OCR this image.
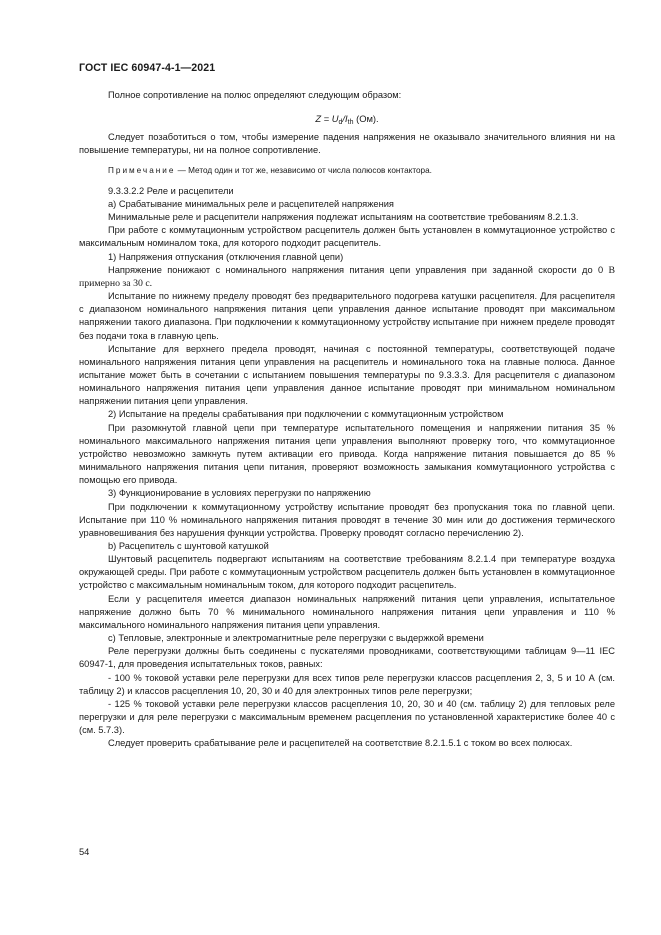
ГОСТ IEC 60947-4-1—2021

Полное сопротивление на полюс определяют следующим образом:

$Z = U_d/I_{th}$ (Ом).

Следует позаботиться о том, чтобы измерение падения напряжения не оказывало значительного влияния ни на повышение температуры, ни на полное сопротивление.

Примечание — Метод один и тот же, независимо от числа полюсов контактора.

9.3.3.2.2 Реле и расцепители

а) Срабатывание минимальных реле и расцепителей напряжения

Минимальные реле и расцепители напряжения подлежат испытаниям на соответствие требованиям 8.2.1.3.

При работе с коммутационным устройством расцепитель должен быть установлен в коммутационное устройство с максимальным номиналом тока, для которого подходит расцепитель.

1) Напряжения отпускания (отключения главной цепи)

Напряжение понижают с номинального напряжения питания цепи управления при заданной скорости до 0 В примерно за 30 с.

Испытание по нижнему пределу проводят без предварительного подогрева катушки расцепителя. Для расцепителя с диапазоном номинального напряжения питания цепи управления данное испытание проводят при максимальном напряжении такого диапазона. При подключении к коммутационному устройству испытание при нижнем пределе проводят без подачи тока в главную цепь.

Испытание для верхнего предела проводят, начиная с постоянной температуры, соответствующей подаче номинального напряжения питания цепи управления на расцепитель и номинального тока на главные полюса. Данное испытание может быть в сочетании с испытанием повышения температуры по 9.3.3.3. Для расцепителя с диапазоном номинального напряжения питания цепи управления данное испытание проводят при минимальном номинальном напряжении питания цепи управления.

2) Испытание на пределы срабатывания при подключении с коммутационным устройством

При разомкнутой главной цепи при температуре испытательного помещения и напряжении питания 35 % номинального максимального напряжения питания цепи управления выполняют проверку того, что коммутационное устройство невозможно замкнуть путем активации его привода. Когда напряжение питания повышается до 85 % минимального напряжения питания цепи питания, проверяют возможность замыкания коммутационного устройства с помощью его привода.

3) Функционирование в условиях перегрузки по напряжению

При подключении к коммутационному устройству испытание проводят без пропускания тока по главной цепи. Испытание при 110 % номинального напряжения питания проводят в течение 30 мин или до достижения термического уравновешивания без нарушения функции устройства. Проверку проводят согласно перечислению 2).

b) Расцепитель с шунтовой катушкой

Шунтовый расцепитель подвергают испытаниям на соответствие требованиям 8.2.1.4 при температуре воздуха окружающей среды. При работе с коммутационным устройством расцепитель должен быть установлен в коммутационное устройство с максимальным номинальным током, для которого подходит расцепитель.

Если у расцепителя имеется диапазон номинальных напряжений питания цепи управления, испытательное напряжение должно быть 70 % минимального номинального напряжения питания цепи управления и 110 % максимального номинального напряжения питания цепи управления.

с) Тепловые, электронные и электромагнитные реле перегрузки с выдержкой времени

Реле перегрузки должны быть соединены с пускателями проводниками, соответствующими таблицам 9—11 IEC 60947-1, для проведения испытательных токов, равных:

- 100 % токовой уставки реле перегрузки для всех типов реле перегрузки классов расцепления 2, 3, 5 и 10 А (см. таблицу 2) и классов расцепления 10, 20, 30 и 40 для электронных типов реле перегрузки;

- 125 % токовой уставки реле перегрузки классов расцепления 10, 20, 30 и 40 (см. таблицу 2) для тепловых реле перегрузки и для реле перегрузки с максимальным временем расцепления по установленной характеристике более 40 с (см. 5.7.3).

Следует проверить срабатывание реле и расцепителей на соответствие 8.2.1.5.1 с током во всех полюсах.

54
